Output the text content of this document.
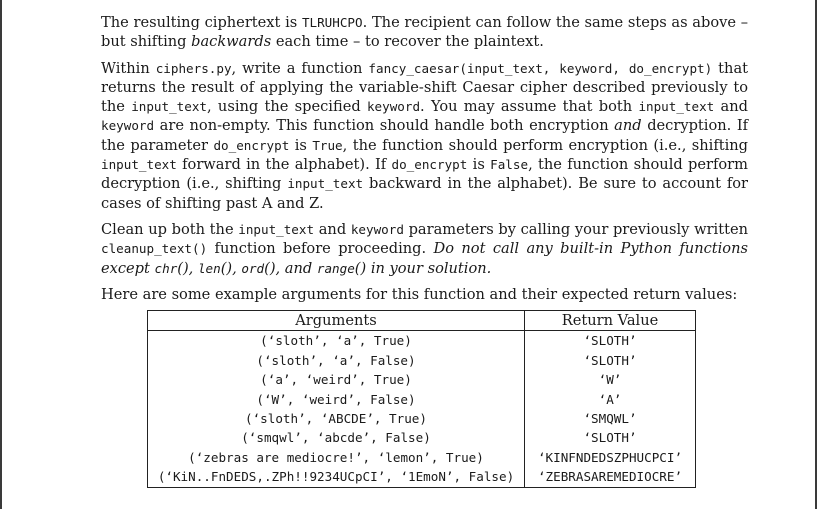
The resulting ciphertext is TLRUHCPO. The recipient can follow the same steps as above – but shifting backwards each time – to recover the plaintext.

Within ciphers.py, write a function fancy_caesar(input_text, keyword, do_encrypt) that returns the result of applying the variable-shift Caesar cipher described previously to the input_text, using the specified keyword. You may assume that both input_text and keyword are non-empty. This function should handle both encryption and decryption. If the parameter do_encrypt is True, the function should perform encryption (i.e., shifting input_text forward in the alphabet). If do_encrypt is False, the function should perform decryption (i.e., shifting input_text backward in the alphabet). Be sure to account for cases of shifting past A and Z.

Clean up both the input_text and keyword parameters by calling your previously written cleanup_text() function before proceeding. Do not call any built-in Python functions except chr(), len(), ord(), and range() in your solution.

Here are some example arguments for this function and their expected return values:

Arguments	Return Value
(‘sloth’, ‘a’, True)	‘SLOTH’
(‘sloth’, ‘a’, False)	‘SLOTH’
(‘a’, ‘weird’, True)	‘W’
(‘W’, ‘weird’, False)	‘A’
(‘sloth’, ‘ABCDE’, True)	‘SMQWL’
(‘smqwl’, ‘abcde’, False)	‘SLOTH’
(‘zebras are mediocre!’, ‘lemon’, True)	‘KINFNDEDSZPHUCPCI’
(‘KiN..FnDEDS,.ZPh!!9234UCpCI’, ‘1EmoN’, False)	‘ZEBRASAREMEDIOCRE’
